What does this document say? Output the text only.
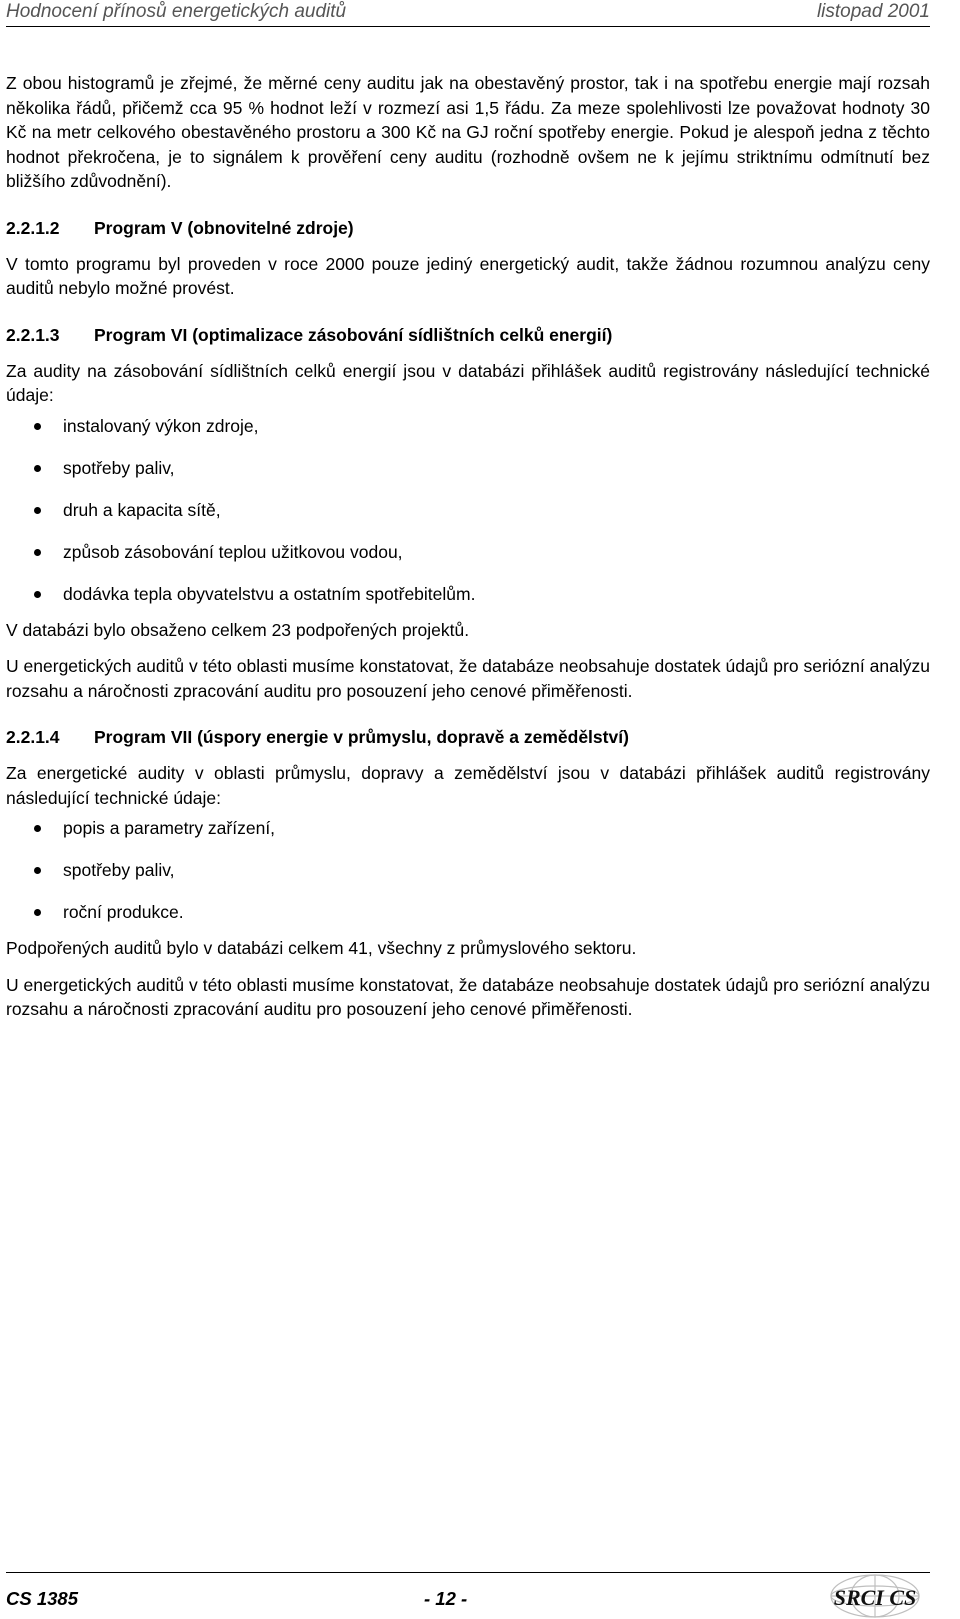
Hodnocení přínosů energetických auditů	listopad 2001

Z obou histogramů je zřejmé, že měrné ceny auditu jak na obestavěný prostor, tak i na spotřebu energie mají rozsah několika řádů, přičemž cca 95 % hodnot leží v rozmezí asi 1,5 řádu. Za meze spolehlivosti lze považovat hodnoty 30 Kč na metr celkového obestavěného prostoru a 300 Kč na GJ roční spotřeby energie. Pokud je alespoň jedna z těchto hodnot překročena, je to signálem k prověření ceny auditu (rozhodně ovšem ne k jejímu striktnímu odmítnutí bez bližšího zdůvodnění).

2.2.1.2 Program V (obnovitelné zdroje)

V tomto programu byl proveden v roce 2000 pouze jediný energetický audit, takže žádnou rozumnou analýzu ceny auditů nebylo možné provést.

2.2.1.3 Program VI (optimalizace zásobování sídlištních celků energií)

Za audity na zásobování sídlištních celků energií jsou v databázi přihlášek auditů registrovány následující technické údaje:

instalovaný výkon zdroje,
spotřeby paliv,
druh a kapacita sítě,
způsob zásobování teplou užitkovou vodou,
dodávka tepla obyvatelstvu a ostatním spotřebitelům.

V databázi bylo obsaženo celkem 23 podpořených projektů.

U energetických auditů v této oblasti musíme konstatovat, že databáze neobsahuje dostatek údajů pro seriózní analýzu rozsahu a náročnosti zpracování auditu pro posouzení jeho cenové přiměřenosti.

2.2.1.4 Program VII (úspory energie v průmyslu, dopravě a zemědělství)

Za energetické audity v oblasti průmyslu, dopravy a zemědělství jsou v databázi přihlášek auditů registrovány následující technické údaje:

popis a parametry zařízení,
spotřeby paliv,
roční produkce.

Podpořených auditů bylo v databázi celkem 41, všechny z průmyslového sektoru.

U energetických auditů v této oblasti musíme konstatovat, že databáze neobsahuje dostatek údajů pro seriózní analýzu rozsahu a náročnosti zpracování auditu pro posouzení jeho cenové přiměřenosti.

CS 1385	- 12 -	SRCI CS
